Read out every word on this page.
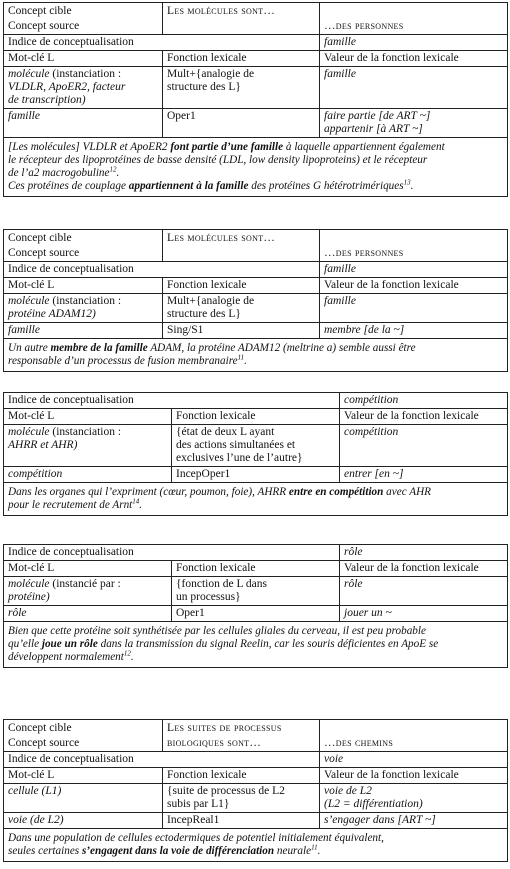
Concept cible	Les molécules sont…	
Concept source		…des personnes
Indice de conceptualisation		famille
Mot-clé L	Fonction lexicale	Valeur de la fonction lexicale
molécule (instanciation :
VLDLR, ApoER2, facteur
de transcription)	Mult+{analogie de
structure des L}	famille
famille	Oper1	faire partie [de ART ~]
appartenir [à ART ~]

[Les molécules] VLDLR et ApoER2 font partie d’une famille à laquelle appartiennent également
le récepteur des lipoprotéines de basse densité (LDL, low density lipoproteins) et le récepteur
de l’a2 macrogobuline$^{12}$.
Ces protéines de couplage appartiennent à la famille des protéines G hétérotrimériques$^{13}$.		
Concept cible	Les molécules sont…	
Concept source		…des personnes
Indice de conceptualisation		famille
Mot-clé L	Fonction lexicale	Valeur de la fonction lexicale
molécule (instanciation :
protéine ADAM12)	Mult+{analogie de
structure des L}	famille
famille	Sing/S1	membre [de la ~]

Un autre membre de la famille ADAM, la protéine ADAM12 (meltrine a) semble aussi être
responsable d’un processus de fusion membranaire$^{11}$.		
Indice de conceptualisation		compétition
Mot-clé L	Fonction lexicale	Valeur de la fonction lexicale
molécule (instanciation :
AHRR et AHR)	{état de deux L ayant
des actions simultanées et
exclusives l’une de l’autre}	compétition
compétition	IncepOper1	entrer [en ~]

Dans les organes qui l’expriment (cœur, poumon, foie), AHRR entre en compétition avec AHR
pour le recrutement de Arnt$^{14}$.		
Indice de conceptualisation		rôle
Mot-clé L	Fonction lexicale	Valeur de la fonction lexicale
molécule (instancié par :
protéine)	{fonction de L dans
un processus}	rôle
rôle	Oper1	jouer un ~

Bien que cette protéine soit synthétisée par les cellules gliales du cerveau, il est peu probable
qu’elle joue un rôle dans la transmission du signal Reelin, car les souris déficientes en ApoE se
développent normalement$^{12}$.		
Concept cible	Les suites de processus	

Concept source	biologiques sont…	…des chemins
Indice de conceptualisation		voie
Mot-clé L	Fonction lexicale	Valeur de la fonction lexicale
cellule (L1)	{suite de processus de L2
subis par L1}	voie de L2
(L2 = différentiation)

voie (de L2)	IncepReal1	s’engager dans [ART ~]

Dans une population de cellules ectodermiques de potentiel initialement équivalent,
seules certaines s’engagent dans la voie de différenciation neurale$^{11}$.		
